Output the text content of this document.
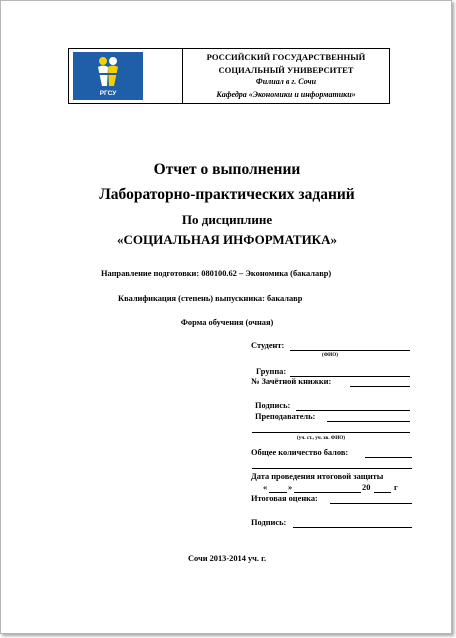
РГСУ
РОССИЙСКИЙ ГОСУДАРСТВЕННЫЙ
СОЦИАЛЬНЫЙ УНИВЕРСИТЕТ
Филиал в г. Сочи
Кафедра «Экономики и информатики»
Отчет о выполнении
Лабораторно-практических заданий
По дисциплине
«СОЦИАЛЬНАЯ ИНФОРМАТИКА»
Направление подготовки: 080100.62 – Экономика (бакалавр)
Квалификация (степень) выпускника: бакалавр
Форма обучения (очная)
Студент:
(ФИО)
Группа:
№ Зачётной книжки:
Подпись:
Преподаватель:
(уч. ст., уч. зв. ФИО)
Общее количество балов:
Дата проведения итоговой защиты
« »	20	г
Итоговая оценка:
Подпись:
Сочи 2013-2014 уч. г.
